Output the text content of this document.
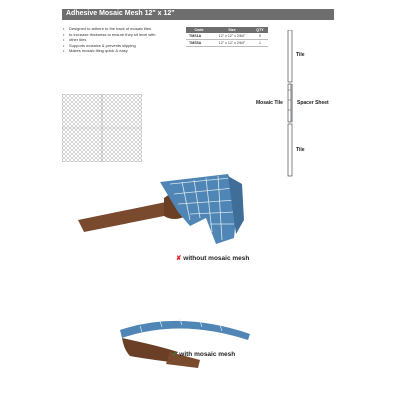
Adhesive Mosaic Mesh 12" x 12"
• Designed to adhere to the back of mosaic tiles
• to increase thickness to ensure they sit level with
• other tiles
• Supports mosaics & prevents slipping
• Makes mosaic tiling quick & easy
Code	Size	QTY
TMS1A	12" x 12" x 2/64"	5
TMS5A	12" x 12" x 2/64"	1
Tile
Mosaic Tile	Spacer Sheet
Tile
✘ without mosaic mesh
✓ with mosaic mesh
